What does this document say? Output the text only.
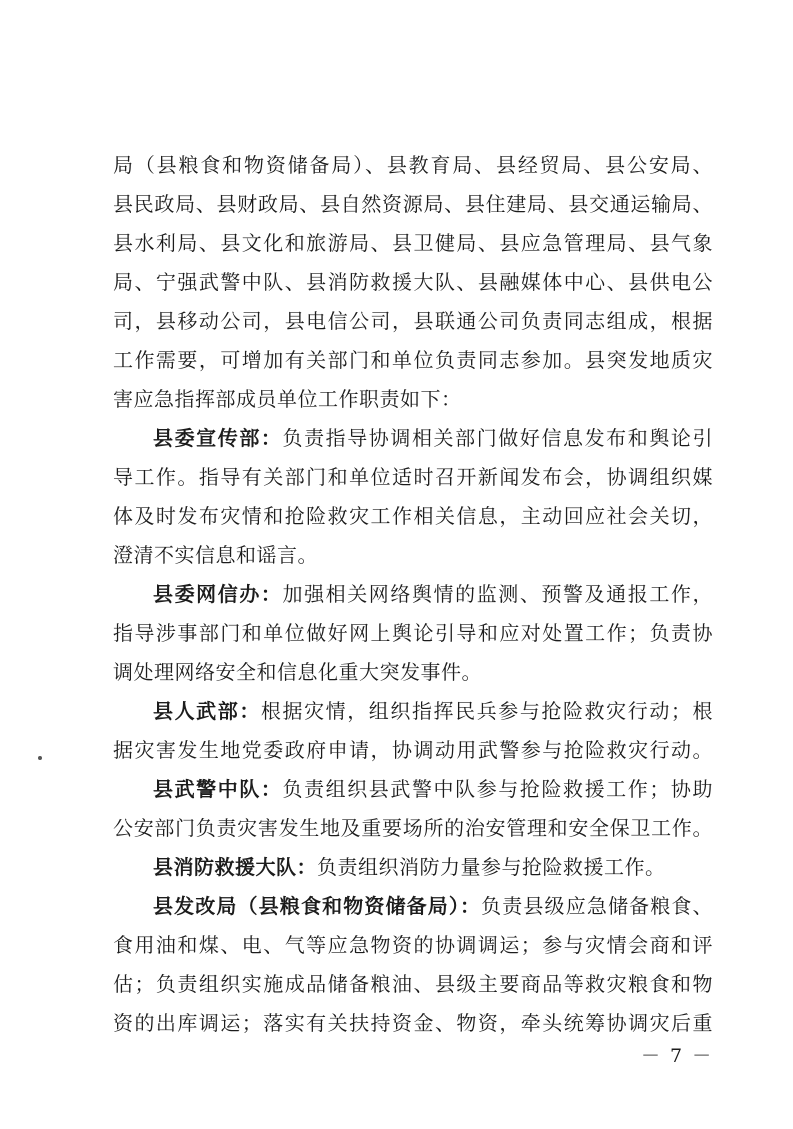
局（县粮食和物资储备局）、县教育局、县经贸局、县公安局、
县民政局、县财政局、县自然资源局、县住建局、县交通运输局、
县水利局、县文化和旅游局、县卫健局、县应急管理局、县气象
局、宁强武警中队、县消防救援大队、县融媒体中心、县供电公
司，县移动公司，县电信公司，县联通公司负责同志组成，根据
工作需要，可增加有关部门和单位负责同志参加。县突发地质灾
害应急指挥部成员单位工作职责如下：
县委宣传部：负责指导协调相关部门做好信息发布和舆论引
导工作。指导有关部门和单位适时召开新闻发布会，协调组织媒
体及时发布灾情和抢险救灾工作相关信息，主动回应社会关切，
澄清不实信息和谣言。
县委网信办：加强相关网络舆情的监测、预警及通报工作，
指导涉事部门和单位做好网上舆论引导和应对处置工作；负责协
调处理网络安全和信息化重大突发事件。
县人武部：根据灾情，组织指挥民兵参与抢险救灾行动；根
据灾害发生地党委政府申请，协调动用武警参与抢险救灾行动。
县武警中队：负责组织县武警中队参与抢险救援工作；协助
公安部门负责灾害发生地及重要场所的治安管理和安全保卫工作。
县消防救援大队：负责组织消防力量参与抢险救援工作。
县发改局（县粮食和物资储备局）：负责县级应急储备粮食、
食用油和煤、电、气等应急物资的协调调运；参与灾情会商和评
估；负责组织实施成品储备粮油、县级主要商品等救灾粮食和物
资的出库调运；落实有关扶持资金、物资，牵头统筹协调灾后重
－ 7 －
